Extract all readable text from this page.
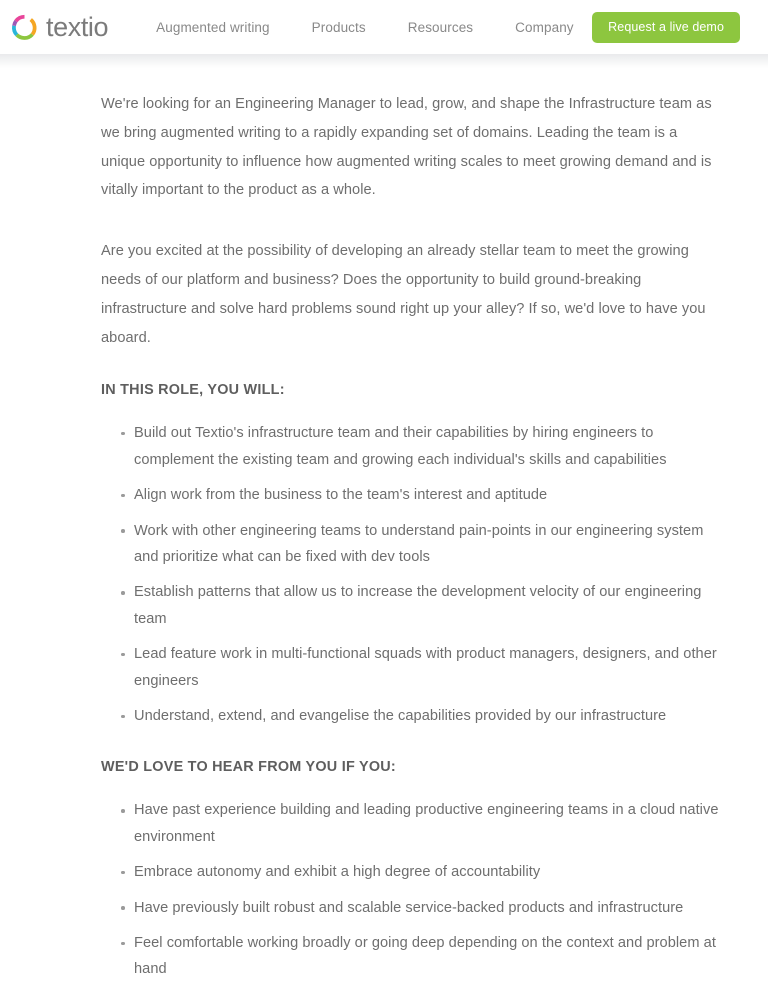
textio	Augmented writing	Products	Resources	Company	Request a live demo

We're looking for an Engineering Manager to lead, grow, and shape the Infrastructure team as we bring augmented writing to a rapidly expanding set of domains. Leading the team is a unique opportunity to influence how augmented writing scales to meet growing demand and is vitally important to the product as a whole.

Are you excited at the possibility of developing an already stellar team to meet the growing needs of our platform and business? Does the opportunity to build ground-breaking infrastructure and solve hard problems sound right up your alley? If so, we'd love to have you aboard.

IN THIS ROLE, YOU WILL:
Build out Textio's infrastructure team and their capabilities by hiring engineers to complement the existing team and growing each individual's skills and capabilities
Align work from the business to the team's interest and aptitude
Work with other engineering teams to understand pain-points in our engineering system and prioritize what can be fixed with dev tools
Establish patterns that allow us to increase the development velocity of our engineering team
Lead feature work in multi-functional squads with product managers, designers, and other engineers
Understand, extend, and evangelise the capabilities provided by our infrastructure
WE'D LOVE TO HEAR FROM YOU IF YOU:
Have past experience building and leading productive engineering teams in a cloud native environment
Embrace autonomy and exhibit a high degree of accountability
Have previously built robust and scalable service-backed products and infrastructure
Feel comfortable working broadly or going deep depending on the context and problem at hand
